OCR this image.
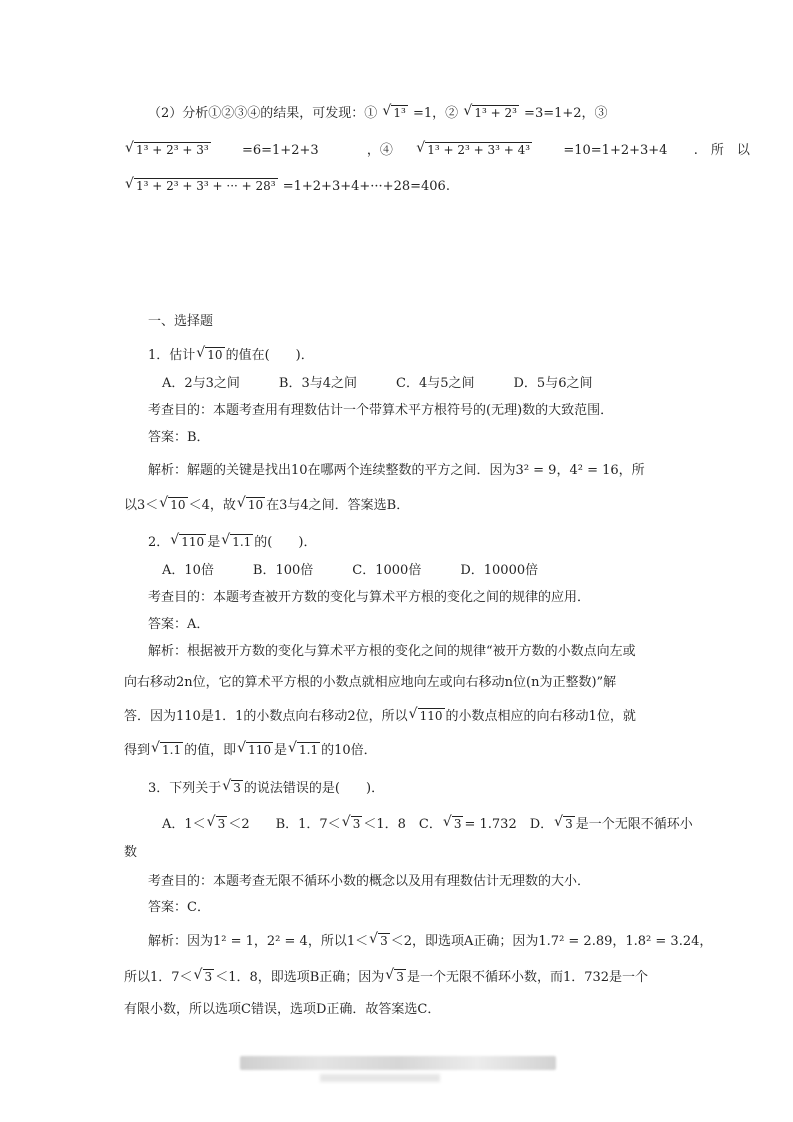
（2）分析①②③④的结果，可发现：① √ 1³ =1，② √ 1³ + 2³ =3=1+2，③
√ 1³ + 2³ + 3³	=6=1+2+3	，④	√ 1³ + 2³ + 3³ + 4³	=10=1+2+3+4 .　所　以
√ 1³ + 2³ + 3³ + ··· + 28³ =1+2+3+4+···+28=406.
一、选择题
1．估计 √ 10 的值在(　　)．
A．2与3之间　　　B．3与4之间　　　C．4与5之间　　　D．5与6之间
考查目的：本题考查用有理数估计一个带算术平方根符号的(无理)数的大致范围．
答案：B．
解析：解题的关键是找出10在哪两个连续整数的平方之间．因为3² = 9，4² = 16，所
以3＜ √ 10 ＜4，故 √ 10 在3与4之间．答案选B．
2． √ 110 是 √ 1.1 的(　　)．
A．10倍　　　B．100倍　　　C．1000倍　　　D．10000倍
考查目的：本题考查被开方数的变化与算术平方根的变化之间的规律的应用．
答案：A．
解析：根据被开方数的变化与算术平方根的变化之间的规律“被开方数的小数点向左或
向右移动2n位，它的算术平方根的小数点就相应地向左或向右移动n位(n为正整数)”解
答．因为110是1．1的小数点向右移动2位，所以 √ 110 的小数点相应的向右移动1位，就
得到 √ 1.1 的值，即 √ 110 是 √ 1.1 的10倍．
3．下列关于 √ 3 的说法错误的是(　　)．
A．1＜ √ 3 ＜2　　B．1．7＜ √ 3 ＜1．8　C． √ 3 = 1.732　D． √ 3 是一个无限不循环小
数
考查目的：本题考查无限不循环小数的概念以及用有理数估计无理数的大小．
答案：C．
解析：因为1² = 1，2² = 4，所以1＜ √ 3 ＜2，即选项A正确；因为1.7² = 2.89，1.8² = 3.24，
所以1．7＜ √ 3 ＜1．8，即选项B正确；因为 √ 3 是一个无限不循环小数，而1．732是一个
有限小数，所以选项C错误，选项D正确．故答案选C．
